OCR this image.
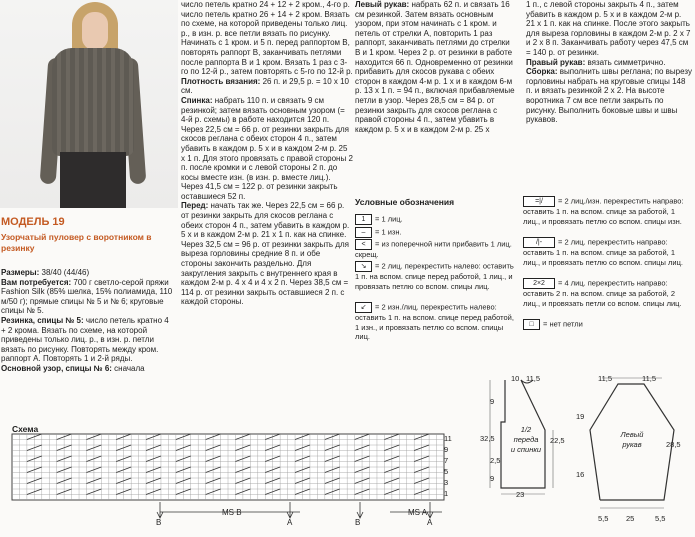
МОДЕЛЬ 19
Узорчатый пуловер с воротником в резинку

Размеры: 38/40 (44/46)

Вам потребуется: 700 г светло-серой пряжи Fashion Silk (85% шелка, 15% полиамида, 110 м/50 г); прямые спицы № 5 и № 6; круговые спицы № 5.

Резинка, спицы № 5: число петель кратно 4 + 2 крома. Вязать по схеме, на которой приведены только лиц. р., в изн. р. петли вязать по рисунку. Повторять между кром. раппорт А. Повторять 1 и 2-й ряды.

Основной узор, спицы № 6: сначала

число петель кратно 24 + 12 + 2 кром., 4-го р. число петель кратно 26 + 14 + 2 кром. Вязать по схеме, на которой приведены только лиц. р., в изн. р. все петли вязать по рисунку. Начинать с 1 кром. и 5 п. перед раппортом В, повторять раппорт В, заканчивать петлями после раппорта В и 1 кром. Вязать 1 раз с 3-го по 12-й р., затем повторять с 5-го по 12-й р.

Плотность вязания: 26 п. и 29,5 р. = 10 х 10 см.

Спинка: набрать 110 п. и связать 9 см резинкой; затем вязать основным узором (= 4-й р. схемы) в работе находится 120 п. Через 22,5 см = 66 р. от резинки закрыть для скосов реглана с обеих сторон 4 п., затем убавить в каждом р. 5 х и в каждом 2-м р. 25 х 1 п. Для этого провязать с правой стороны 2 п. после кромки и с левой стороны 2 п. до косы вместе изн. (в изн. р. вместе лиц.). Через 41,5 см = 122 р. от резинки закрыть оставшиеся 52 п.

Перед: начать так же. Через 22,5 см = 66 р. от резинки закрыть для скосов реглана с обеих сторон 4 п., затем убавить в каждом р. 5 х и в каждом 2-м р. 21 х 1 п. как на спинке. Через 32,5 см = 96 р. от резинки закрыть для выреза горловины средние 8 п. и обе стороны закончить раздельно. Для закругления закрыть с внутреннего края в каждом 2-м р. 4 х 4 и 4 х 2 п. Через 38,5 см = 114 р. от резинки закрыть оставшиеся 2 п. с каждой стороны.

Левый рукав: набрать 62 п. и связать 16 см резинкой. Затем вязать основным узором, при этом начинать с 1 кром. и петель от стрелки А, повторить 1 раз раппорт, заканчивать петлями до стрелки В и 1 кром. Через 2 р. от резинки в работе находится 66 п. Одновременно от резинки прибавить для скосов рукава с обеих сторон в каждом 4-м р. 1 х и в каждом 6-м р. 13 х 1 п. = 94 п., включая прибавляемые петли в узор. Через 28,5 см = 84 р. от резинки закрыть для скосов реглана с правой стороны 4 п., затем убавить в каждом р. 5 х и в каждом 2-м р. 25 х

1 п., с левой стороны закрыть 4 п., затем убавить в каждом р. 5 х и в каждом 2-м р. 21 х 1 п. как на спинке. После этого закрыть для выреза горловины в каждом 2-м р. 2 х 7 и 2 х 8 п. Заканчивать работу через 47,5 см = 140 р. от резинки.

Правый рукав: вязать симметрично.

Сборка: выполнить швы реглана; по вырезу горловины набрать на круговые спицы 148 п. и вязать резинкой 2 х 2. На высоте воротника 7 см все петли закрыть по рисунку. Выполнить боковые швы и швы рукавов.

Условные обозначения
1 = 1 лиц.
– = 1 изн.
< = из поперечной нити прибавить 1 лиц. скрещ.
↘ = 2 лиц. перекрестить налево: оставить 1 п. на вспом. спице перед работой, 1 лиц., и провязать петлю со вспом. спицы лиц.
↙ = 2 изн./лиц. перекрестить налево: оставить 1 п. на вспом. спице перед работой, 1 изн., и провязать петлю со вспом. спицы лиц.
=|/ = 2 лиц./изн. перекрестить направо: оставить 1 п. на вспом. спице за работой, 1 лиц., и провязать петлю со вспом. спицы изн.
/|- = 2 лиц. перекрестить направо: оставить 1 п. на вспом. спице за работой, 1 лиц., и провязать петлю со вспом. спицы лиц.
2×2 = 4 лиц. перекрестить направо: оставить 2 п. на вспом. спице за работой, 2 лиц., и провязать петли со вспом. спицы лиц.
□ = нет петли
Схема
11
9
7
5
3
1
B
MS B
A	B
MS A
A
10 11,5
9
32,5
1/2
переда
и спинки
22,5
23
9
2,5
11,5	11,5
19
Левый
рукав	28,5
16
5,5 25	5,5
